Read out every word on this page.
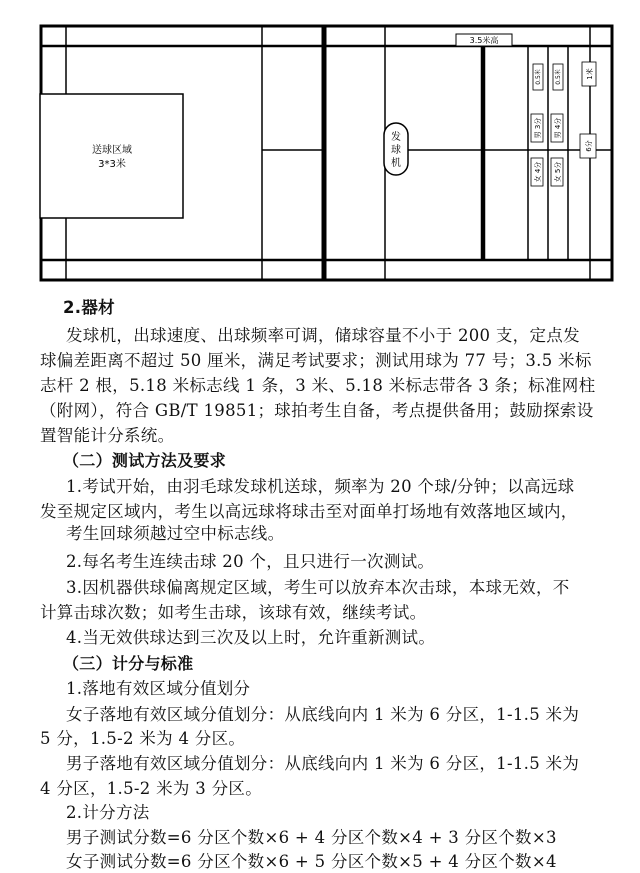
送球区域
3*3米
发
球
机
3.5米高
0.5米 0.5米	1米
男 3分 男 4分
6分
女 4分 女 5分
2.器材
发球机，出球速度、出球频率可调，储球容量不小于 200 支，定点发
球偏差距离不超过 50 厘米，满足考试要求；测试用球为 77 号；3.5 米标
志杆 2 根，5.18 米标志线 1 条，3 米、5.18 米标志带各 3 条；标准网柱
（附网），符合 GB/T 19851；球拍考生自备，考点提供备用；鼓励探索设
置智能计分系统。
（二）测试方法及要求
1.考试开始，由羽毛球发球机送球，频率为 20 个球/分钟；以高远球
发至规定区域内，考生以高远球将球击至对面单打场地有效落地区域内，
考生回球须越过空中标志线。
2.每名考生连续击球 20 个，且只进行一次测试。
3.因机器供球偏离规定区域，考生可以放弃本次击球，本球无效，不
计算击球次数；如考生击球，该球有效，继续考试。
4.当无效供球达到三次及以上时，允许重新测试。
（三）计分与标准
1.落地有效区域分值划分
女子落地有效区域分值划分：从底线向内 1 米为 6 分区，1-1.5 米为
5 分，1.5-2 米为 4 分区。
男子落地有效区域分值划分：从底线向内 1 米为 6 分区，1-1.5 米为
4 分区，1.5-2 米为 3 分区。
2.计分方法
男子测试分数=6 分区个数×6 + 4 分区个数×4 + 3 分区个数×3
女子测试分数=6 分区个数×6 + 5 分区个数×5 + 4 分区个数×4
